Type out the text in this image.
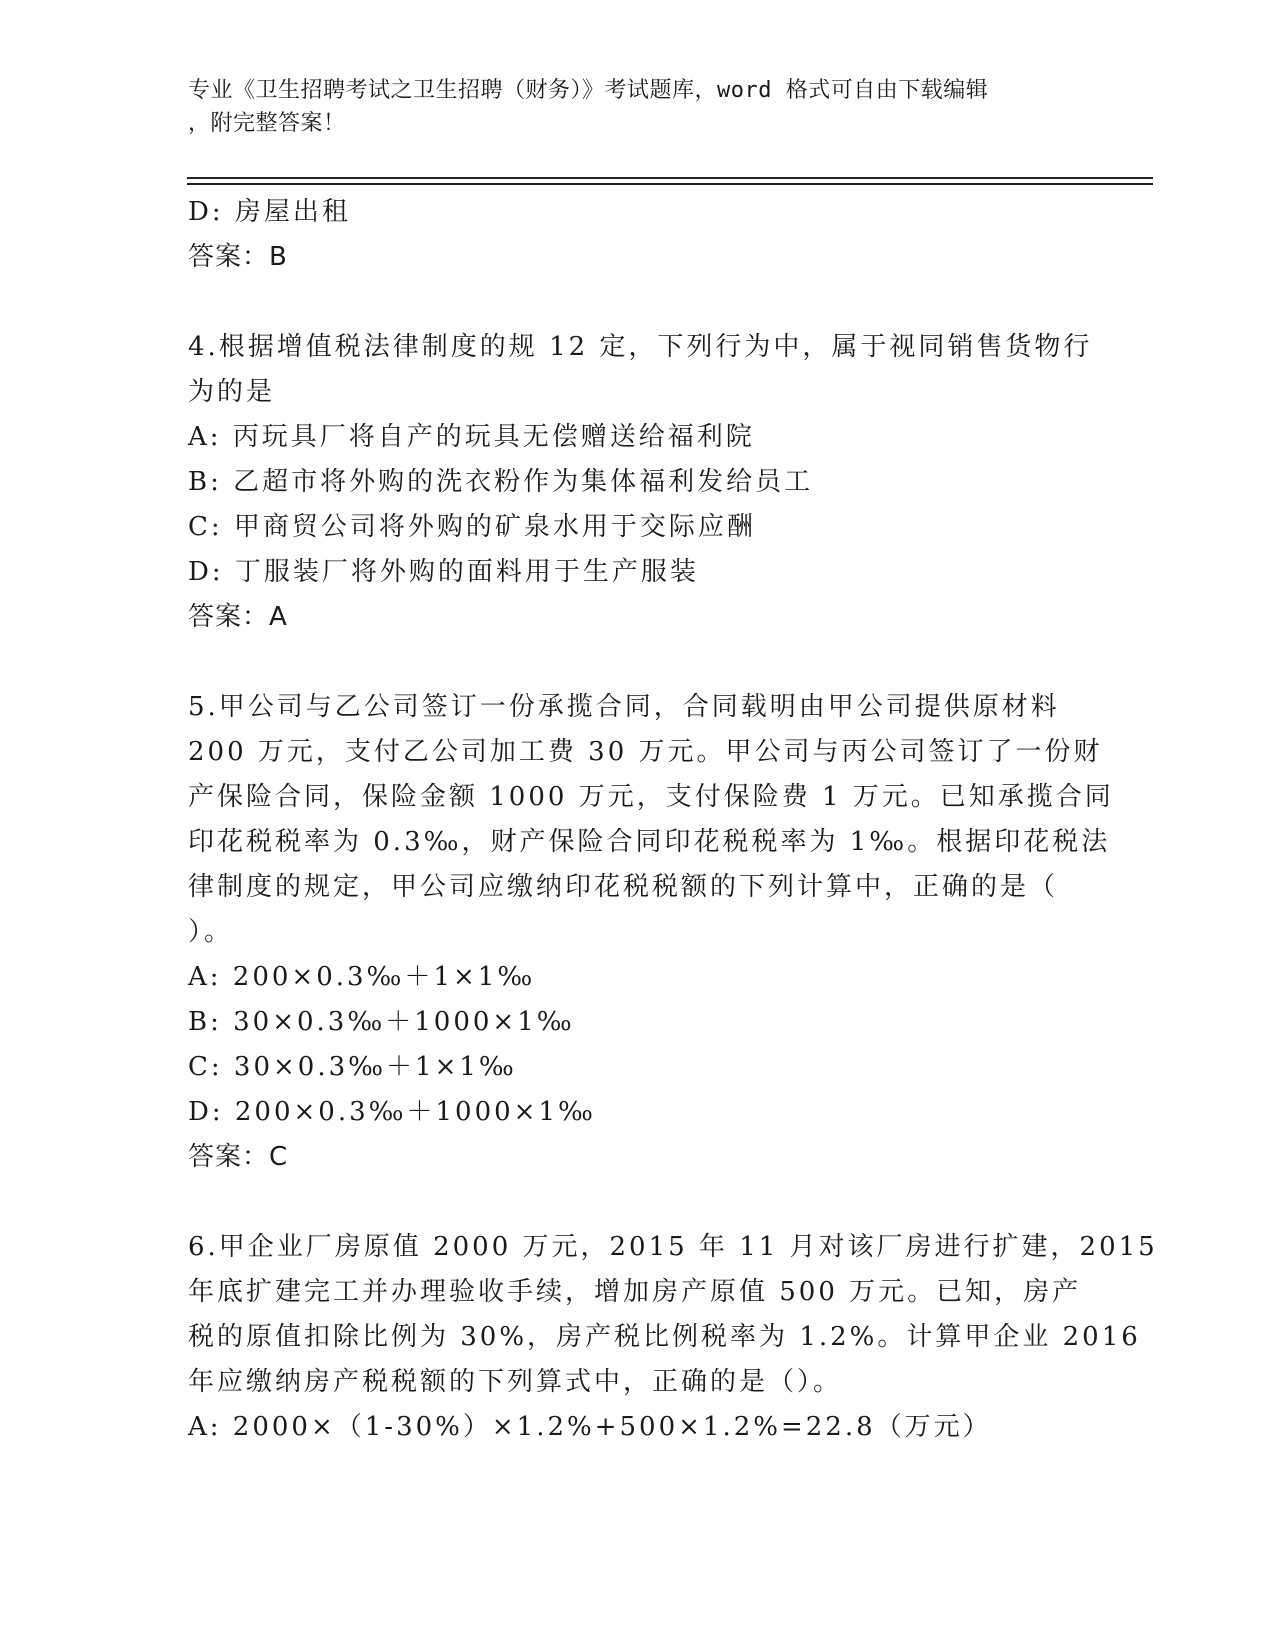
专业《卫生招聘考试之卫生招聘（财务）》考试题库，word 格式可自由下载编辑
，附完整答案！
D: 房屋出租
答案：B
4.根据增值税法律制度的规 12 定，下列行为中，属于视同销售货物行
为的是
A: 丙玩具厂将自产的玩具无偿赠送给福利院
B: 乙超市将外购的洗衣粉作为集体福利发给员工
C: 甲商贸公司将外购的矿泉水用于交际应酬
D: 丁服装厂将外购的面料用于生产服装
答案：A
5.甲公司与乙公司签订一份承揽合同，合同载明由甲公司提供原材料
200 万元，支付乙公司加工费 30 万元。甲公司与丙公司签订了一份财
产保险合同，保险金额 1000 万元，支付保险费 1 万元。已知承揽合同
印花税税率为 0.3‰，财产保险合同印花税税率为 1‰。根据印花税法
律制度的规定，甲公司应缴纳印花税税额的下列计算中，正确的是（
）。
A: 200×0.3‰＋1×1‰
B: 30×0.3‰＋1000×1‰
C: 30×0.3‰＋1×1‰
D: 200×0.3‰＋1000×1‰
答案：C
6.甲企业厂房原值 2000 万元，2015 年 11 月对该厂房进行扩建，2015
年底扩建完工并办理验收手续，增加房产原值 500 万元。已知，房产
税的原值扣除比例为 30%，房产税比例税率为 1.2%。计算甲企业 2016
年应缴纳房产税税额的下列算式中，正确的是（）。
A: 2000×（1-30%）×1.2%+500×1.2%=22.8（万元）
